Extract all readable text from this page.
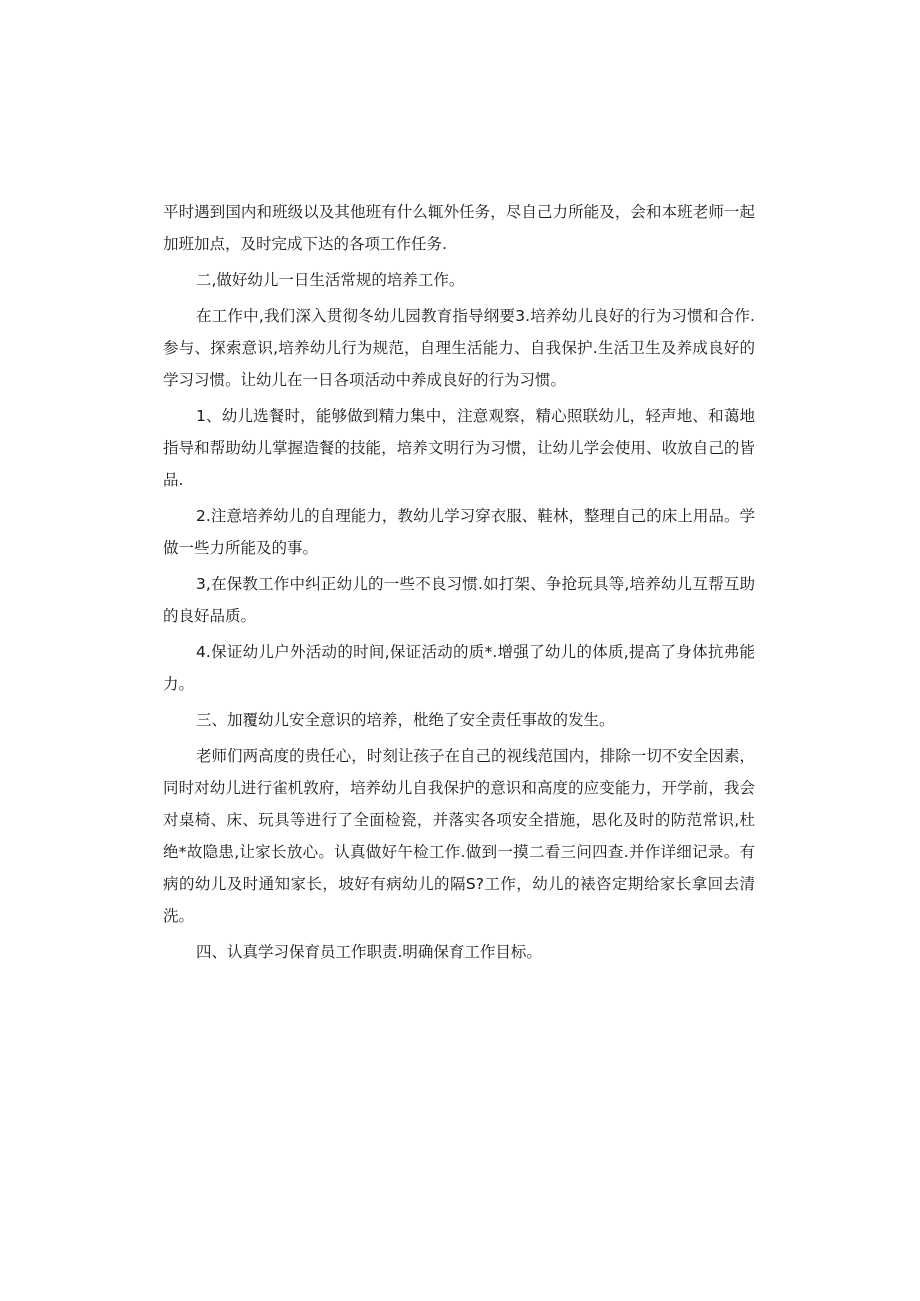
平时遇到国内和班级以及其他班有什么辄外任务，尽自己力所能及，会和本班老师一起加班加点，及时完成下达的各项工作任务.

二,做好幼儿一日生活常规的培养工作。

在工作中,我们深入贯彻冬幼儿园教育指导纲要3.培养幼儿良好的行为习惯和合作.参与、探索意识,培养幼儿行为规范，自理生活能力、自我保护.生活卫生及养成良好的学习习惯。让幼儿在一日各项活动中养成良好的行为习惯。

1、幼儿选餐时，能够做到精力集中，注意观察，精心照联幼儿，轻声地、和蔼地指导和帮助幼儿掌握造餐的技能，培养文明行为习惯，让幼儿学会使用、收放自己的皆品.

2.注意培养幼儿的自理能力，教幼儿学习穿衣服、鞋林，整理自己的床上用品。学做一些力所能及的事。

3,在保教工作中纠正幼儿的一些不良习惯.如打架、争抢玩具等,培养幼儿互帮互助的良好品质。

4.保证幼儿户外活动的时间,保证活动的质*.增强了幼儿的体质,提高了身体抗弗能力。

三、加覆幼儿安全意识的培养，枇绝了安全责任事故的发生。

老师们两高度的贵任心，时刻让孩子在自己的视线范国内，排除一切不安全因素，同时对幼儿进行雀机敦府，培养幼儿自我保护的意识和高度的应变能力，开学前，我会对桌椅、床、玩具等进行了全面检瓷，并落实各项安全措施，思化及时的防范常识,杜绝*故隐患,让家长放心。认真做好午检工作.做到一摸二看三问四查.并作详细记录。有病的幼儿及时通知家长，坡好有病幼儿的隔S?工作，幼儿的裱咨定期给家长拿回去清洗。

四、认真学习保育员工作职责.明确保育工作目标。
